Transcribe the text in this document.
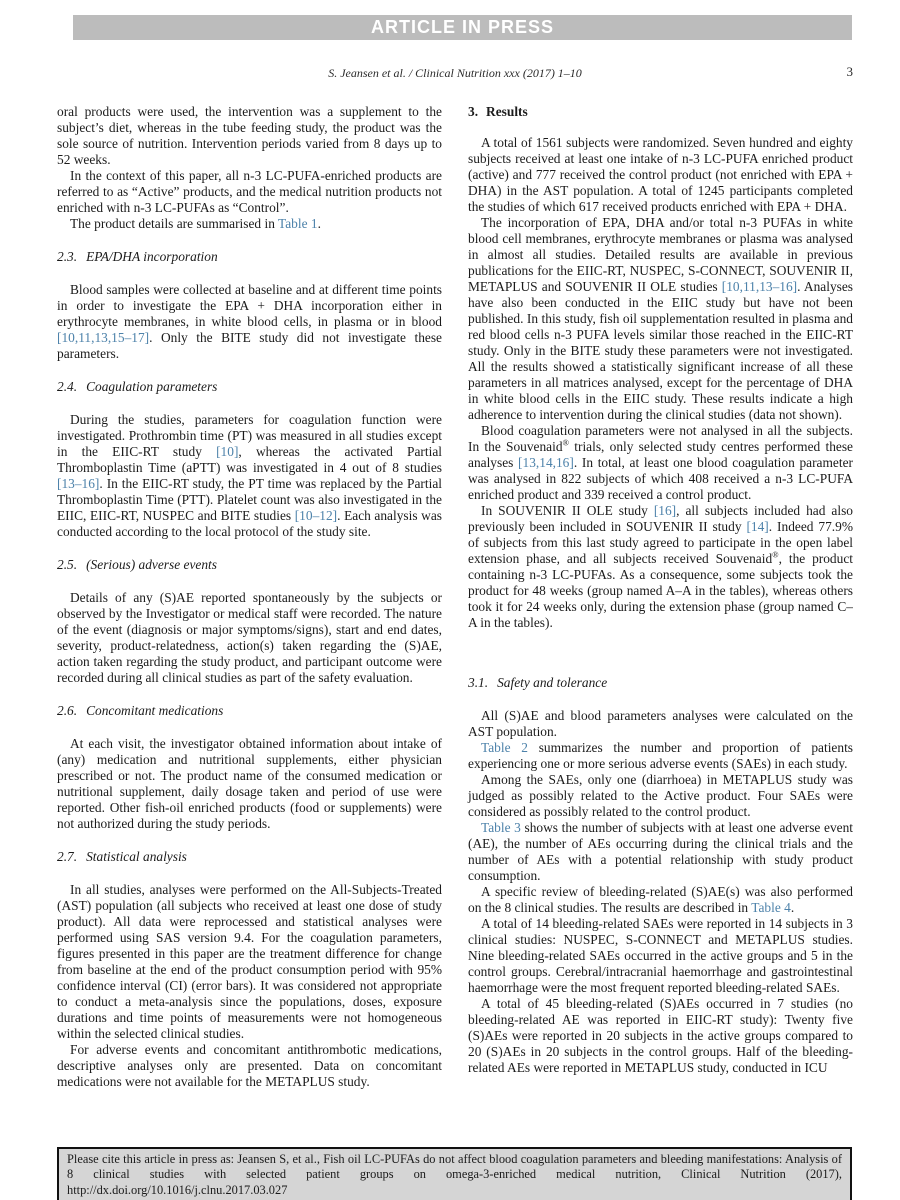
ARTICLE IN PRESS
S. Jeansen et al. / Clinical Nutrition xxx (2017) 1–10	3

oral products were used, the intervention was a supplement to the subject’s diet, whereas in the tube feeding study, the product was the sole source of nutrition. Intervention periods varied from 8 days up to 52 weeks.

In the context of this paper, all n-3 LC-PUFA-enriched products are referred to as “Active” products, and the medical nutrition products not enriched with n-3 LC-PUFAs as “Control”.

The product details are summarised in Table 1.

2.3. EPA/DHA incorporation

Blood samples were collected at baseline and at different time points in order to investigate the EPA + DHA incorporation either in erythrocyte membranes, in white blood cells, in plasma or in blood [10,11,13,15–17]. Only the BITE study did not investigate these parameters.

2.4. Coagulation parameters

During the studies, parameters for coagulation function were investigated. Prothrombin time (PT) was measured in all studies except in the EIIC-RT study [10], whereas the activated Partial Thromboplastin Time (aPTT) was investigated in 4 out of 8 studies [13–16]. In the EIIC-RT study, the PT time was replaced by the Partial Thromboplastin Time (PTT). Platelet count was also investigated in the EIIC, EIIC-RT, NUSPEC and BITE studies [10–12]. Each analysis was conducted according to the local protocol of the study site.

2.5. (Serious) adverse events

Details of any (S)AE reported spontaneously by the subjects or observed by the Investigator or medical staff were recorded. The nature of the event (diagnosis or major symptoms/signs), start and end dates, severity, product-relatedness, action(s) taken regarding the (S)AE, action taken regarding the study product, and participant outcome were recorded during all clinical studies as part of the safety evaluation.

2.6. Concomitant medications

At each visit, the investigator obtained information about intake of (any) medication and nutritional supplements, either physician prescribed or not. The product name of the consumed medication or nutritional supplement, daily dosage taken and period of use were reported. Other fish-oil enriched products (food or supplements) were not authorized during the study periods.

2.7. Statistical analysis

In all studies, analyses were performed on the All-Subjects-Treated (AST) population (all subjects who received at least one dose of study product). All data were reprocessed and statistical analyses were performed using SAS version 9.4. For the coagulation parameters, figures presented in this paper are the treatment difference for change from baseline at the end of the product consumption period with 95% confidence interval (CI) (error bars). It was considered not appropriate to conduct a meta-analysis since the populations, doses, exposure durations and time points of measurements were not homogeneous within the selected clinical studies.

For adverse events and concomitant antithrombotic medications, descriptive analyses only are presented. Data on concomitant medications were not available for the METAPLUS study.

3. Results

A total of 1561 subjects were randomized. Seven hundred and eighty subjects received at least one intake of n-3 LC-PUFA enriched product (active) and 777 received the control product (not enriched with EPA + DHA) in the AST population. A total of 1245 participants completed the studies of which 617 received products enriched with EPA + DHA.

The incorporation of EPA, DHA and/or total n-3 PUFAs in white blood cell membranes, erythrocyte membranes or plasma was analysed in almost all studies. Detailed results are available in previous publications for the EIIC-RT, NUSPEC, S-CONNECT, SOUVENIR II, METAPLUS and SOUVENIR II OLE studies [10,11,13–16]. Analyses have also been conducted in the EIIC study but have not been published. In this study, fish oil supplementation resulted in plasma and red blood cells n-3 PUFA levels similar those reached in the EIIC-RT study. Only in the BITE study these parameters were not investigated. All the results showed a statistically significant increase of all these parameters in all matrices analysed, except for the percentage of DHA in white blood cells in the EIIC study. These results indicate a high adherence to intervention during the clinical studies (data not shown).

Blood coagulation parameters were not analysed in all the subjects. In the Souvenaid® trials, only selected study centres performed these analyses [13,14,16]. In total, at least one blood coagulation parameter was analysed in 822 subjects of which 408 received a n-3 LC-PUFA enriched product and 339 received a control product.

In SOUVENIR II OLE study [16], all subjects included had also previously been included in SOUVENIR II study [14]. Indeed 77.9% of subjects from this last study agreed to participate in the open label extension phase, and all subjects received Souvenaid®, the product containing n-3 LC-PUFAs. As a consequence, some subjects took the product for 48 weeks (group named A–A in the tables), whereas others took it for 24 weeks only, during the extension phase (group named C–A in the tables).

3.1. Safety and tolerance

All (S)AE and blood parameters analyses were calculated on the AST population.

Table 2 summarizes the number and proportion of patients experiencing one or more serious adverse events (SAEs) in each study.

Among the SAEs, only one (diarrhoea) in METAPLUS study was judged as possibly related to the Active product. Four SAEs were considered as possibly related to the control product.

Table 3 shows the number of subjects with at least one adverse event (AE), the number of AEs occurring during the clinical trials and the number of AEs with a potential relationship with study product consumption.

A specific review of bleeding-related (S)AE(s) was also performed on the 8 clinical studies. The results are described in Table 4.

A total of 14 bleeding-related SAEs were reported in 14 subjects in 3 clinical studies: NUSPEC, S-CONNECT and METAPLUS studies. Nine bleeding-related SAEs occurred in the active groups and 5 in the control groups. Cerebral/intracranial haemorrhage and gastrointestinal haemorrhage were the most frequent reported bleeding-related SAEs.

A total of 45 bleeding-related (S)AEs occurred in 7 studies (no bleeding-related AE was reported in EIIC-RT study): Twenty five (S)AEs were reported in 20 subjects in the active groups compared to 20 (S)AEs in 20 subjects in the control groups. Half of the bleeding-related AEs were reported in METAPLUS study, conducted in ICU

Please cite this article in press as: Jeansen S, et al., Fish oil LC-PUFAs do not affect blood coagulation parameters and bleeding manifestations: Analysis of 8 clinical studies with selected patient groups on omega-3-enriched medical nutrition, Clinical Nutrition (2017), http://dx.doi.org/10.1016/j.clnu.2017.03.027
